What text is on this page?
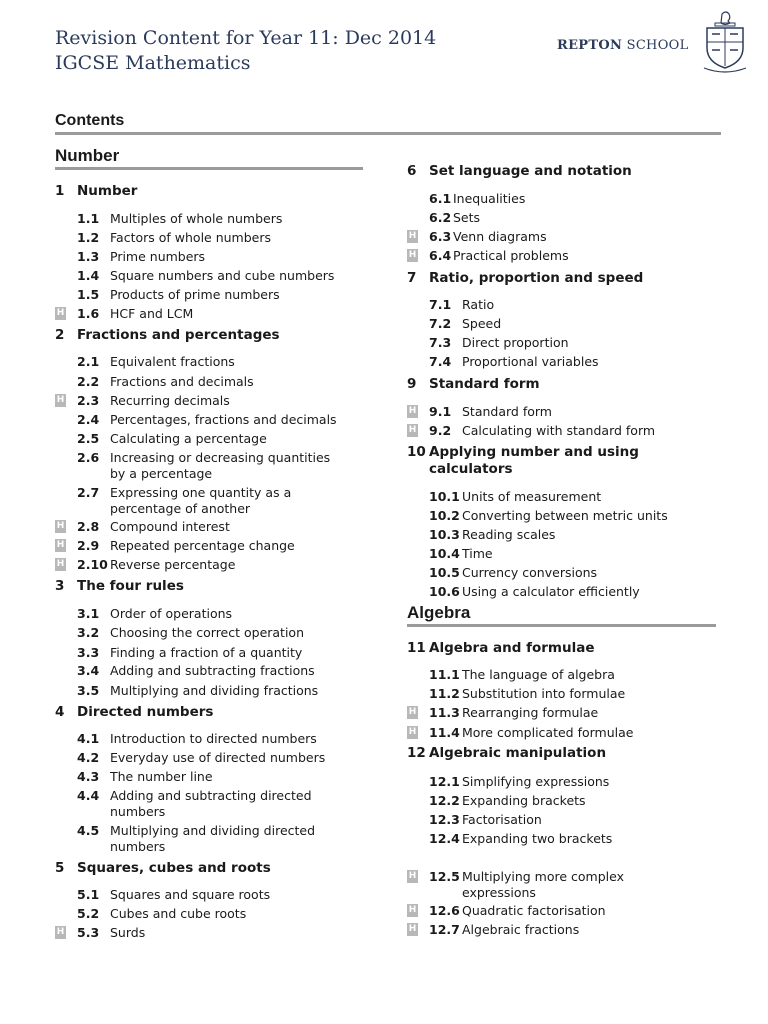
Revision Content for Year 11: Dec 2014
IGCSE Mathematics
REPTON SCHOOL
Contents
Number
Algebra
1 Number
1.1 Multiples of whole numbers
1.2 Factors of whole numbers
1.3 Prime numbers
1.4 Square numbers and cube numbers
1.5 Products of prime numbers
1.6 HCF and LCM
H
2 Fractions and percentages
2.1 Equivalent fractions
2.2 Fractions and decimals
2.3 Recurring decimals
H
2.4 Percentages, fractions and decimals
2.5 Calculating a percentage
2.6 Increasing or decreasing quantities
by a percentage
2.7 Expressing one quantity as a
percentage of another
2.8 Compound interest
H
2.9 Repeated percentage change
H
2.10 Reverse percentage
H
3 The four rules
3.1 Order of operations
3.2 Choosing the correct operation
3.3 Finding a fraction of a quantity
3.4 Adding and subtracting fractions
3.5 Multiplying and dividing fractions
4 Directed numbers
4.1 Introduction to directed numbers
4.2 Everyday use of directed numbers
4.3 The number line
4.4 Adding and subtracting directed
numbers
4.5 Multiplying and dividing directed
numbers
5 Squares, cubes and roots
5.1 Squares and square roots
5.2 Cubes and cube roots
5.3 Surds
H
6 Set language and notation
6.1 Inequalities
6.2 Sets
6.3 Venn diagrams
H
6.4 Practical problems
H
7 Ratio, proportion and speed
7.1 Ratio
7.2 Speed
7.3 Direct proportion
7.4 Proportional variables
9 Standard form
9.1 Standard form
H
9.2 Calculating with standard form
H
10 Applying number and using
calculators
10.1 Units of measurement
10.2 Converting between metric units
10.3 Reading scales
10.4 Time
10.5 Currency conversions
10.6 Using a calculator efficiently
11 Algebra and formulae
11.1 The language of algebra
11.2 Substitution into formulae
11.3 Rearranging formulae
H
11.4 More complicated formulae
H
12 Algebraic manipulation
12.1 Simplifying expressions
12.2 Expanding brackets
12.3 Factorisation
12.4 Expanding two brackets
12.5 Multiplying more complex
expressions
H
12.6 Quadratic factorisation
H
12.7 Algebraic fractions
H
